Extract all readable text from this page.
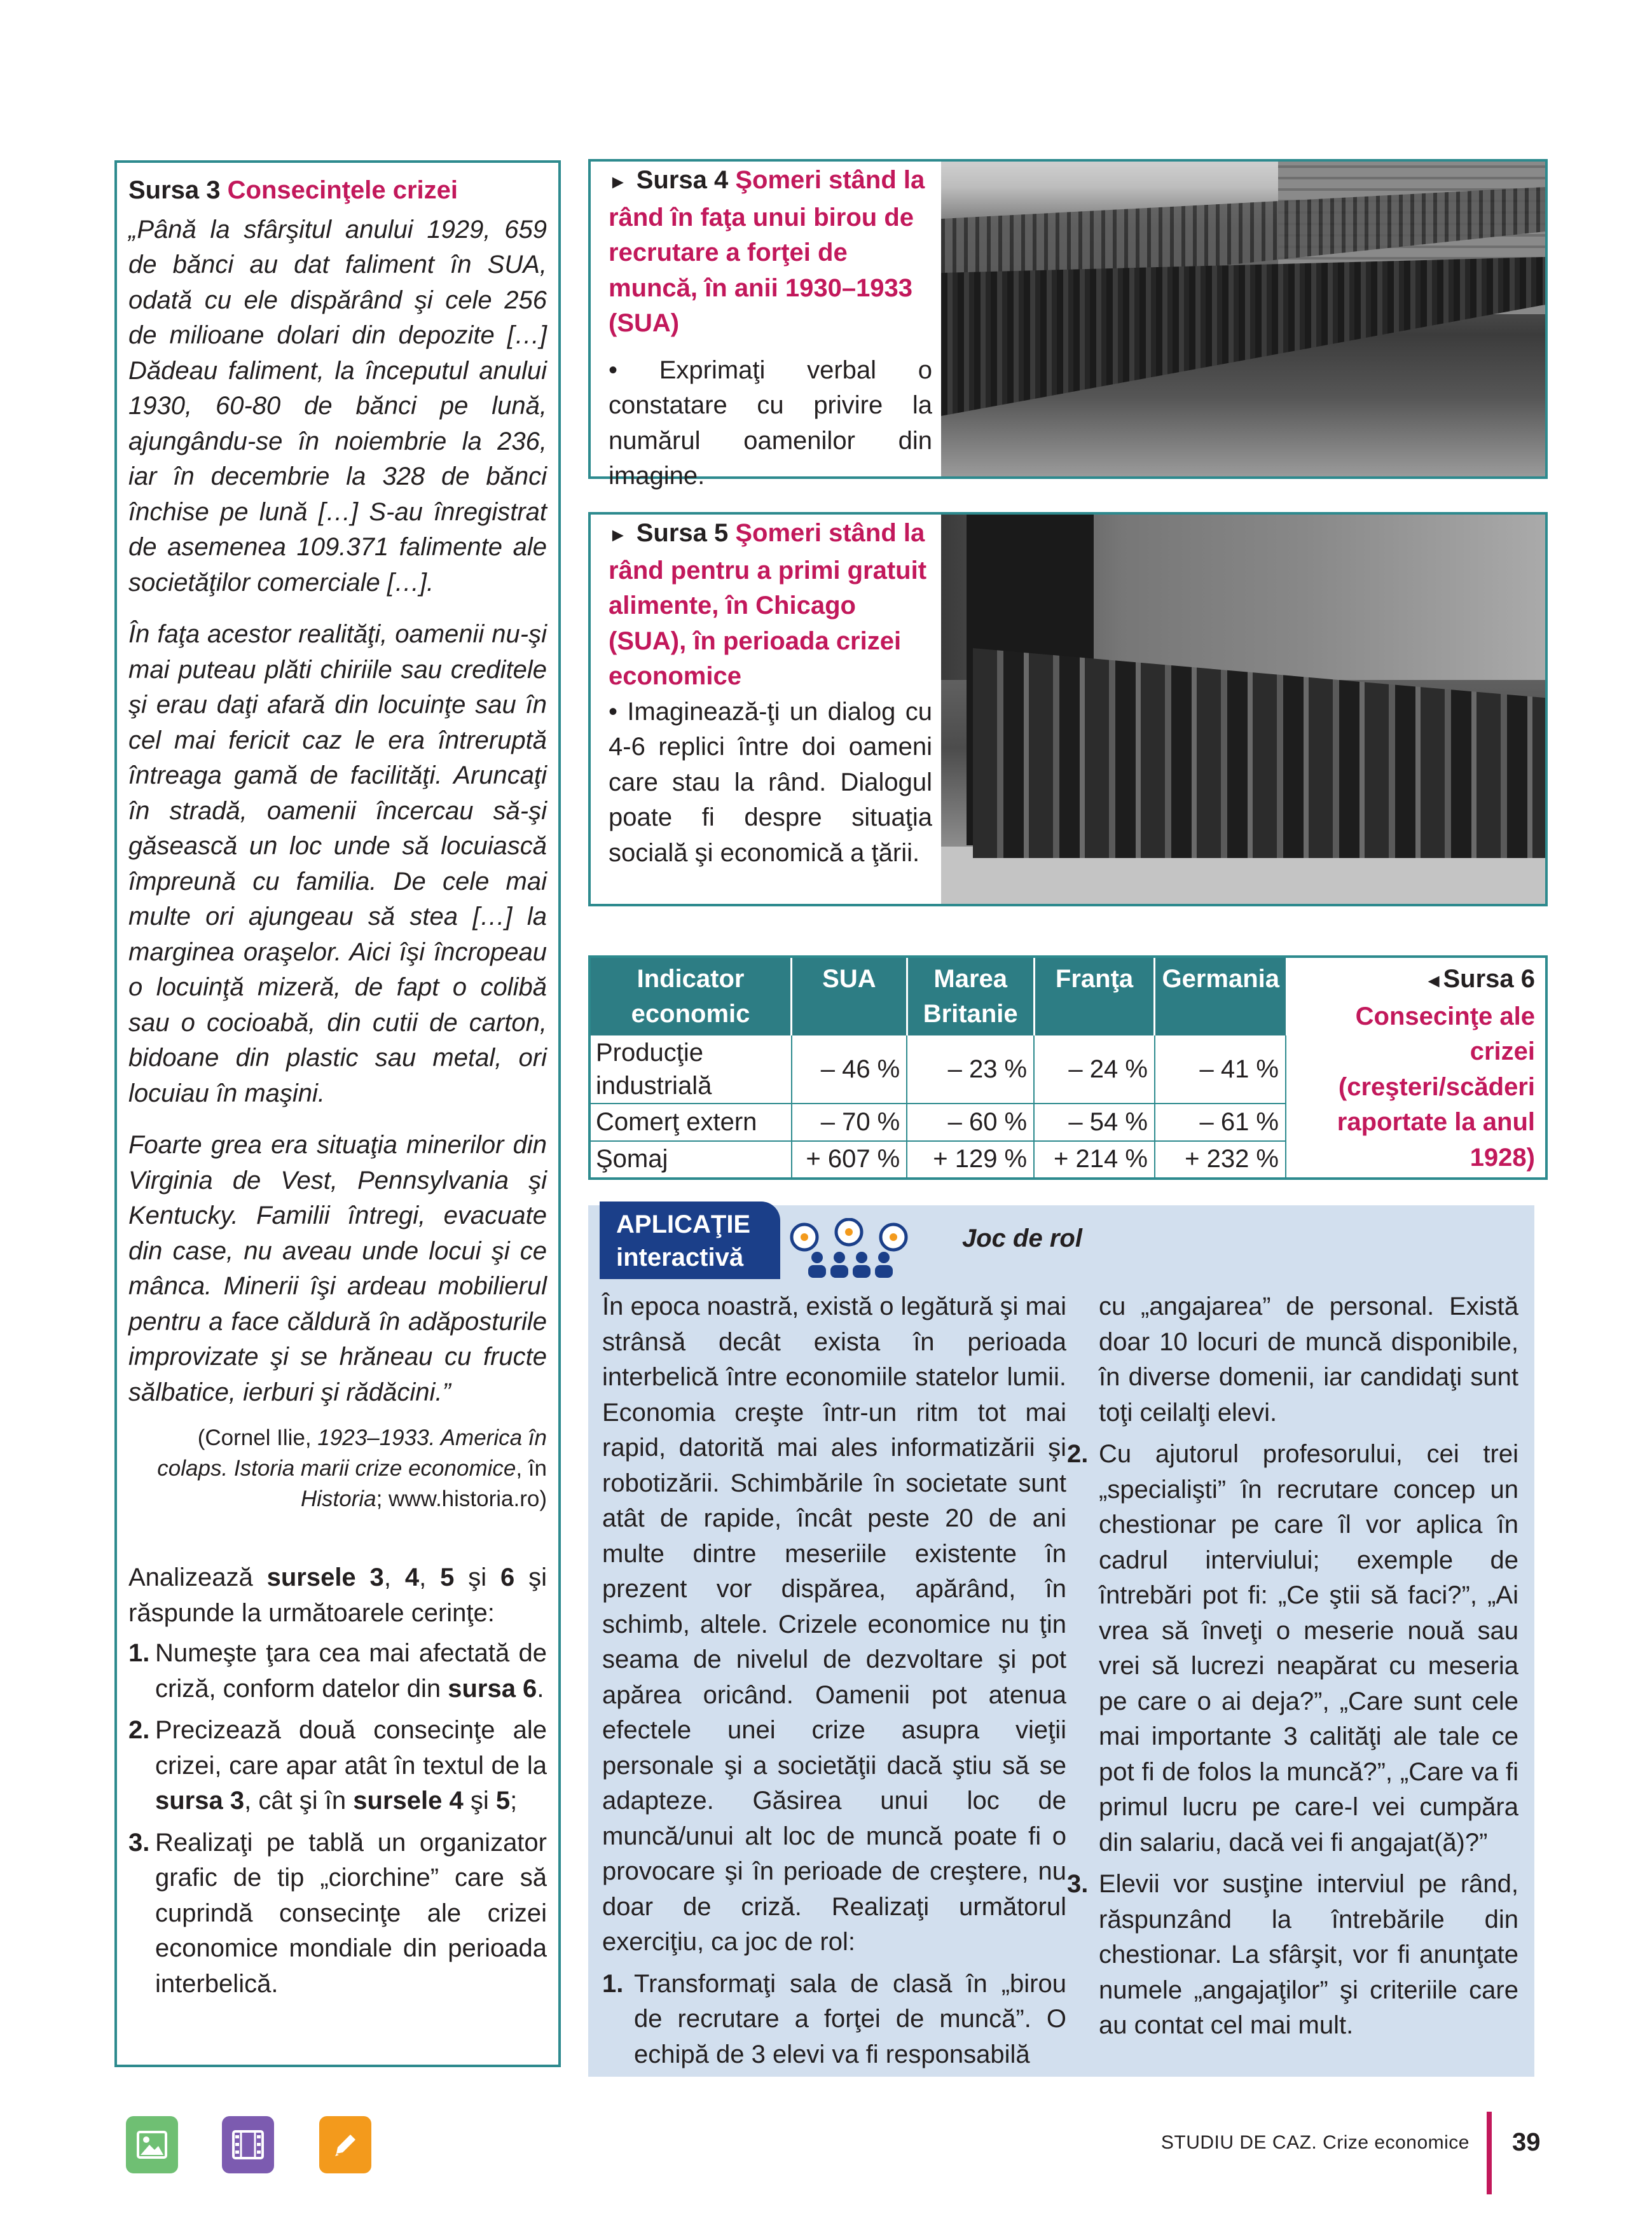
Sursa 3 Consecinţele crizei

„Până la sfârşitul anului 1929, 659 de bănci au dat faliment în SUA, odată cu ele dispărând şi cele 256 de milioane dolari din depozite […] Dădeau faliment, la începutul anului 1930, 60-80 de bănci pe lună, ajungându-se în noiembrie la 236, iar în decembrie la 328 de bănci închise pe lună […] S-au înregistrat de asemenea 109.371 falimente ale societăţilor comerciale […].

În faţa acestor realităţi, oamenii nu-şi mai puteau plăti chiriile sau creditele şi erau daţi afară din locuinţe sau în cel mai fericit caz le era întreruptă întreaga gamă de facilităţi. Aruncaţi în stradă, oamenii încercau să-şi găsească un loc unde să locuiască împreună cu familia. De cele mai multe ori ajungeau să stea […] la marginea oraşelor. Aici îşi încropeau o locuinţă mizeră, de fapt o colibă sau o cocioabă, din cutii de carton, bidoane din plastic sau metal, ori locuiau în maşini.

Foarte grea era situaţia minerilor din Virginia de Vest, Pennsylvania şi Kentucky. Familii întregi, evacuate din case, nu aveau unde locui şi ce mânca. Minerii îşi ardeau mobilierul pentru a face căldură în adăposturile improvizate şi se hrăneau cu fructe sălbatice, ierburi şi rădăcini.”

(Cornel Ilie, 1923–1933. America în colaps. Istoria marii crize economice, în Historia; www.historia.ro)

Analizează sursele 3, 4, 5 şi 6 şi răspunde la următoarele cerinţe:

1. Numeşte ţara cea mai afectată de criză, conform datelor din sursa 6.
2. Precizează două consecinţe ale crizei, care apar atât în textul de la sursa 3, cât şi în sursele 4 şi 5;
3. Realizaţi pe tablă un organizator grafic de tip „ciorchine” care să cuprindă consecinţe ale crizei economice mondiale din perioada interbelică.

► Sursa 4 Şomeri stând la rând în faţa unui birou de recrutare a forţei de muncă, în anii 1930–1933 (SUA)

• Exprimaţi verbal o constatare cu privire la numărul oamenilor din imagine.

► Sursa 5 Şomeri stând la rând pentru a primi gratuit alimente, în Chicago (SUA), în perioada crizei economice

• Imaginează-ţi un dialog cu 4-6 replici între doi oameni care stau la rând. Dialogul poate fi despre situaţia socială şi economică a ţării.

Indicator economic	SUA	Marea Britanie	Franţa	Germania
Producţie industrială	– 46 %	– 23 %	– 24 %	– 41 %
Comerţ extern	– 70 %	– 60 %	– 54 %	– 61 %
Şomaj	+ 607 %	+ 129 %	+ 214 %	+ 232 %
◄Sursa 6
Consecinţe ale crizei (creşteri/scăderi raportate la anul 1928)
APLICAŢIE
interactivă
Joc de rol

În epoca noastră, există o legătură şi mai strânsă decât exista în perioada interbelică între economiile statelor lumii. Economia creşte într-un ritm tot mai rapid, datorită mai ales informatizării şi robotizării. Schimbările în societate sunt atât de rapide, încât peste 20 de ani multe dintre meseriile existente în prezent vor dispărea, apărând, în schimb, altele. Crizele economice nu ţin seama de nivelul de dezvoltare şi pot apărea oricând. Oamenii pot atenua efectele unei crize asupra vieţii personale şi a societăţii dacă ştiu să se adapteze. Găsirea unui loc de muncă/unui alt loc de muncă poate fi o provocare şi în perioade de creştere, nu doar de criză. Realizaţi următorul exerciţiu, ca joc de rol:

1. Transformaţi sala de clasă în „birou de recrutare a forţei de muncă”. O echipă de 3 elevi va fi responsabilă

cu „angajarea” de personal. Există doar 10 locuri de muncă disponibile, în diverse domenii, iar candidaţi sunt toţi ceilalţi elevi.

2. Cu ajutorul profesorului, cei trei „specialişti” în recrutare concep un chestionar pe care îl vor aplica în cadrul interviului; exemple de întrebări pot fi: „Ce ştii să faci?”, „Ai vrea să înveţi o meserie nouă sau vrei să lucrezi neapărat cu meseria pe care o ai deja?”, „Care sunt cele mai importante 3 calităţi ale tale ce pot fi de folos la muncă?”, „Care va fi primul lucru pe care-l vei cumpăra din salariu, dacă vei fi angajat(ă)?”
3. Elevii vor susţine interviul pe rând, răspunzând la întrebările din chestionar. La sfârşit, vor fi anunţate numele „angajaţilor” şi criteriile care au contat cel mai mult.
STUDIU DE CAZ. Crize economice 39
